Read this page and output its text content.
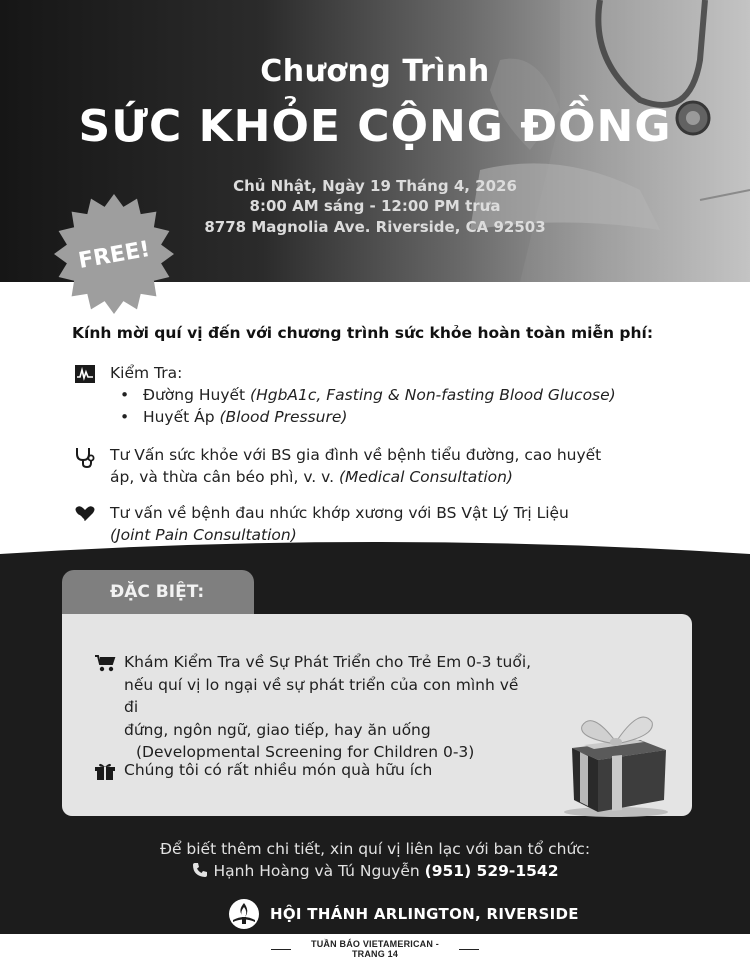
Chương Trình
SỨC KHỎE CỘNG ĐỒNG
Chủ Nhật, Ngày 19 Tháng 4, 2026
8:00 AM sáng - 12:00 PM trưa
8778 Magnolia Ave. Riverside, CA 92503
FREE!
Kính mời quí vị đến với chương trình sức khỏe hoàn toàn miễn phí:
Kiểm Tra:
• Đường Huyết (HgbA1c, Fasting & Non-fasting Blood Glucose)
• Huyết Áp (Blood Pressure)
Tư Vấn sức khỏe với BS gia đình về bệnh tiểu đường, cao huyết
áp, và thừa cân béo phì, v. v. (Medical Consultation)
Tư vấn về bệnh đau nhức khớp xương với BS Vật Lý Trị Liệu
(Joint Pain Consultation)
ĐẶC BIỆT:
Khám Kiểm Tra về Sự Phát Triển cho Trẻ Em 0-3 tuổi,
nếu quí vị lo ngại về sự phát triển của con mình về đi
đứng, ngôn ngữ, giao tiếp, hay ăn uống
(Developmental Screening for Children 0-3)
Chúng tôi có rất nhiều món quà hữu ích
Để biết thêm chi tiết, xin quí vị liên lạc với ban tổ chức:
Hạnh Hoàng và Tú Nguyễn (951) 529-1542
HỘI THÁNH ARLINGTON, RIVERSIDE
TUẦN BÁO VIETAMERICAN - TRANG 14
